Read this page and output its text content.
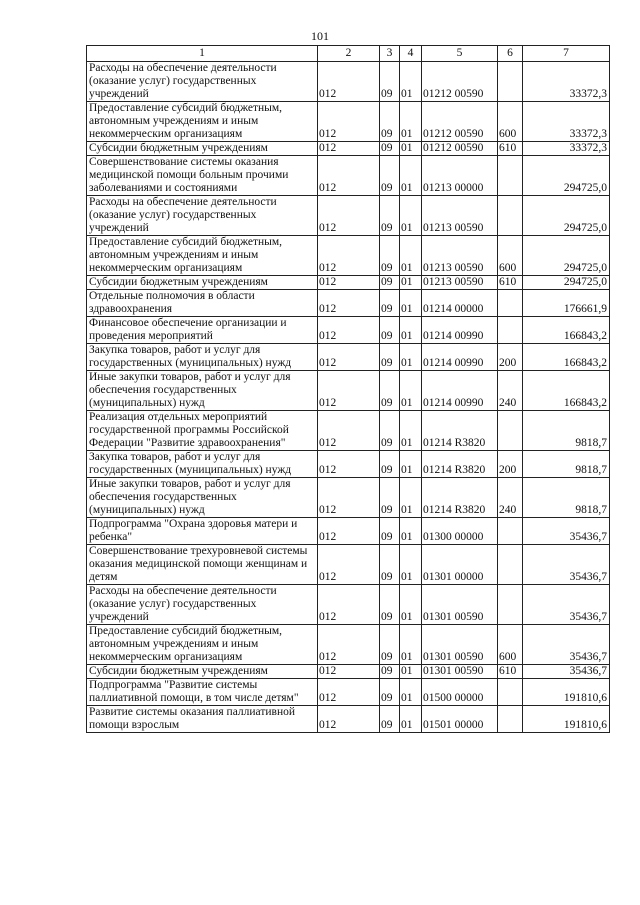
101
1	2	3	4	5	6	7
Расходы на обеспечение деятельности (оказание услуг) государственных учреждений	012	09	01	01212 00590		33372,3
Предоставление субсидий бюджетным, автономным учреждениям и иным некоммерческим организациям	012	09	01	01212 00590	600	33372,3
Субсидии бюджетным учреждениям	012	09	01	01212 00590	610	33372,3
Совершенствование системы оказания медицинской помощи больным прочими заболеваниями и состояниями	012	09	01	01213 00000		294725,0
Расходы на обеспечение деятельности (оказание услуг) государственных учреждений	012	09	01	01213 00590		294725,0
Предоставление субсидий бюджетным, автономным учреждениям и иным некоммерческим организациям	012	09	01	01213 00590	600	294725,0
Субсидии бюджетным учреждениям	012	09	01	01213 00590	610	294725,0
Отдельные полномочия в области здравоохранения	012	09	01	01214 00000		176661,9
Финансовое обеспечение организации и проведения мероприятий	012	09	01	01214 00990		166843,2
Закупка товаров, работ и услуг для государственных (муниципальных) нужд	012	09	01	01214 00990	200	166843,2
Иные закупки товаров, работ и услуг для обеспечения государственных (муниципальных) нужд	012	09	01	01214 00990	240	166843,2
Реализация отдельных мероприятий государственной программы Российской Федерации "Развитие здравоохранения"	012	09	01	01214 R3820		9818,7
Закупка товаров, работ и услуг для государственных (муниципальных) нужд	012	09	01	01214 R3820	200	9818,7
Иные закупки товаров, работ и услуг для обеспечения государственных (муниципальных) нужд	012	09	01	01214 R3820	240	9818,7
Подпрограмма "Охрана здоровья матери и ребенка"	012	09	01	01300 00000		35436,7
Совершенствование трехуровневой системы оказания медицинской помощи женщинам и детям	012	09	01	01301 00000		35436,7
Расходы на обеспечение деятельности (оказание услуг) государственных учреждений	012	09	01	01301 00590		35436,7
Предоставление субсидий бюджетным, автономным учреждениям и иным некоммерческим организациям	012	09	01	01301 00590	600	35436,7
Субсидии бюджетным учреждениям	012	09	01	01301 00590	610	35436,7
Подпрограмма "Развитие системы паллиативной помощи, в том числе детям"	012	09	01	01500 00000		191810,6
Развитие системы оказания паллиативной помощи взрослым	012	09	01	01501 00000		191810,6
